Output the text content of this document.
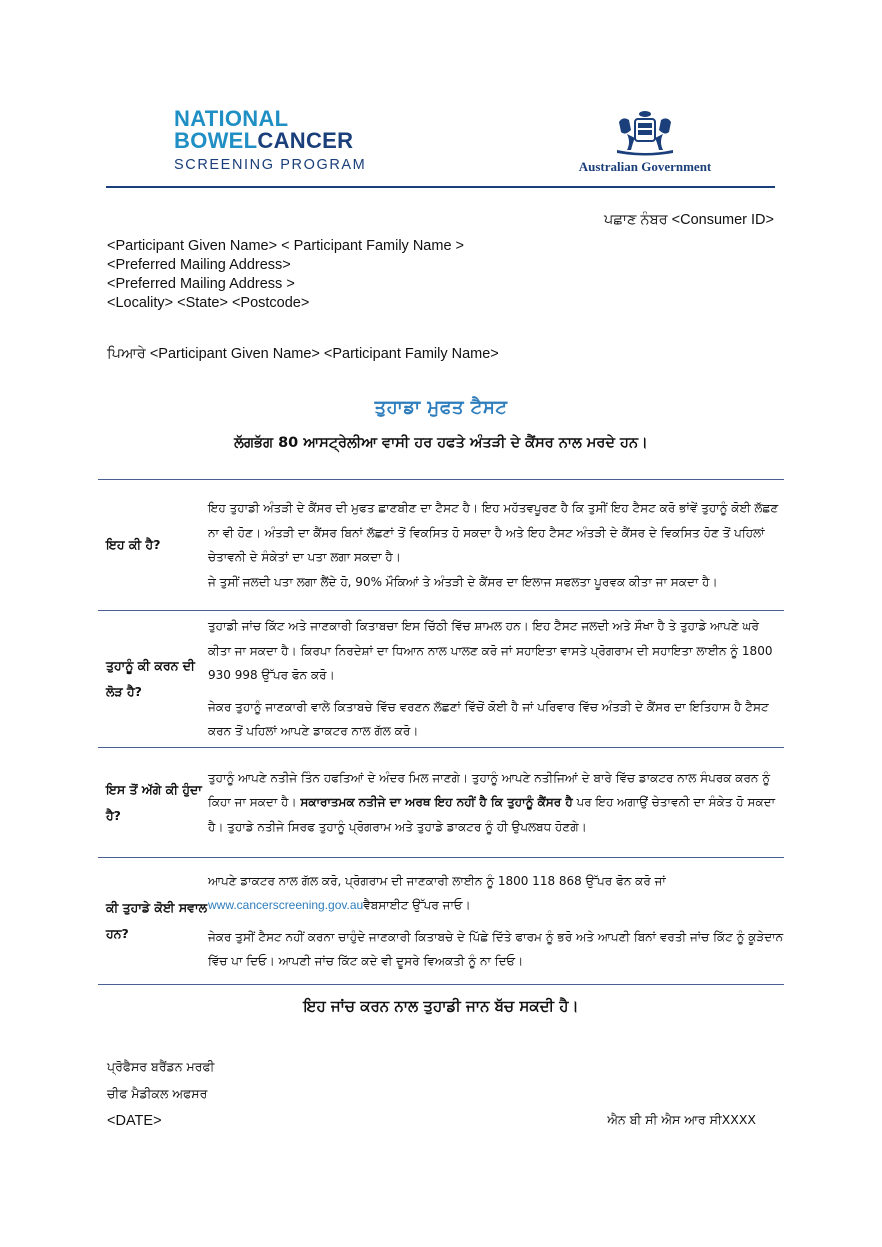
NATIONAL
BOWELCANCER
SCREENING PROGRAM	Australian Government
ਪਛਾਣ ਨੰਬਰ <Consumer ID>
<Participant Given Name> < Participant Family Name >
<Preferred Mailing Address>
<Preferred Mailing Address >
<Locality> <State> <Postcode>
ਪਿਆਰੇ <Participant Given Name> <Participant Family Name>
ਤੁਹਾਡਾ ਮੁਫਤ ਟੈਸਟ
ਲੱਗਭੱਗ 80 ਆਸਟ੍ਰੇਲੀਆ ਵਾਸੀ ਹਰ ਹਫਤੇ ਅੰਤੜੀ ਦੇ ਕੈਂਸਰ ਨਾਲ ਮਰਦੇ ਹਨ।
ਇਹ ਕੀ ਹੈ?	ਇਹ ਤੁਹਾਡੀ ਅੰਤੜੀ ਦੇ ਕੈਂਸਰ ਦੀ ਮੁਫਤ ਛਾਣਬੀਣ ਦਾ ਟੈਸਟ ਹੈ। ਇਹ ਮਹੱਤਵਪੂਰਣ ਹੈ ਕਿ ਤੁਸੀਂ ਇਹ ਟੈਸਟ ਕਰੋ ਭਾਂਵੇਂ ਤੁਹਾਨੂੰ ਕੋਈ ਲੱਛਣ ਨਾ ਵੀ ਹੋਣ। ਅੰਤੜੀ ਦਾ ਕੈਂਸਰ ਬਿਨਾਂ ਲੱਛਣਾਂ ਤੋਂ ਵਿਕਸਿਤ ਹੋ ਸਕਦਾ ਹੈ ਅਤੇ ਇਹ ਟੈਸਟ ਅੰਤੜੀ ਦੇ ਕੈਂਸਰ ਦੇ ਵਿਕਸਿਤ ਹੋਣ ਤੋਂ ਪਹਿਲਾਂ ਚੇਤਾਵਨੀ ਦੇ ਸੰਕੇਤਾਂ ਦਾ ਪਤਾ ਲਗਾ ਸਕਦਾ ਹੈ।

ਜੇ ਤੁਸੀਂ ਜਲਦੀ ਪਤਾ ਲਗਾ ਲੈਂਦੇ ਹੋ, 90% ਮੌਕਿਆਂ ਤੇ ਅੰਤੜੀ ਦੇ ਕੈਂਸਰ ਦਾ ਇਲਾਜ ਸਫਲਤਾ ਪੂਰਵਕ ਕੀਤਾ ਜਾ ਸਕਦਾ ਹੈ।

ਤੁਹਾਨੂੰ ਕੀ ਕਰਨ ਦੀ ਲੋੜ ਹੈ?	ਤੁਹਾਡੀ ਜਾਂਚ ਕਿੱਟ ਅਤੇ ਜਾਣਕਾਰੀ ਕਿਤਾਬਚਾ ਇਸ ਚਿੱਠੀ ਵਿੱਚ ਸ਼ਾਮਲ ਹਨ। ਇਹ ਟੈਸਟ ਜਲਦੀ ਅਤੇ ਸੌਖਾ ਹੈ ਤੇ ਤੁਹਾਡੇ ਆਪਣੇ ਘਰੇ ਕੀਤਾ ਜਾ ਸਕਦਾ ਹੈ। ਕਿਰਪਾ ਨਿਰਦੇਸ਼ਾਂ ਦਾ ਧਿਆਨ ਨਾਲ ਪਾਲਣ ਕਰੋ ਜਾਂ ਸਹਾਇਤਾ ਵਾਸਤੇ ਪ੍ਰੋਗਰਾਮ ਦੀ ਸਹਾਇਤਾ ਲਾਈਨ ਨੂੰ 1800 930 998 ਉੱਪਰ ਫੋਨ ਕਰੋ।

ਜੇਕਰ ਤੁਹਾਨੂੰ ਜਾਣਕਾਰੀ ਵਾਲੇ ਕਿਤਾਬਚੇ ਵਿੱਚ ਵਰਣਨ ਲੱਛਣਾਂ ਵਿੱਚੋਂ ਕੋਈ ਹੈ ਜਾਂ ਪਰਿਵਾਰ ਵਿੱਚ ਅੰਤੜੀ ਦੇ ਕੈਂਸਰ ਦਾ ਇਤਿਹਾਸ ਹੈ ਟੈਸਟ ਕਰਨ ਤੋਂ ਪਹਿਲਾਂ ਆਪਣੇ ਡਾਕਟਰ ਨਾਲ ਗੱਲ ਕਰੋ।

ਇਸ ਤੋਂ ਅੱਗੇ ਕੀ ਹੁੰਦਾ ਹੈ?	ਤੁਹਾਨੂੰ ਆਪਣੇ ਨਤੀਜੇ ਤਿੰਨ ਹਫਤਿਆਂ ਦੇ ਅੰਦਰ ਮਿਲ ਜਾਣਗੇ। ਤੁਹਾਨੂੰ ਆਪਣੇ ਨਤੀਜਿਆਂ ਦੇ ਬਾਰੇ ਵਿੱਚ ਡਾਕਟਰ ਨਾਲ ਸੰਪਰਕ ਕਰਨ ਨੂੰ ਕਿਹਾ ਜਾ ਸਕਦਾ ਹੈ। ਸਕਾਰਾਤਮਕ ਨਤੀਜੇ ਦਾ ਅਰਥ ਇਹ ਨਹੀਂ ਹੈ ਕਿ ਤੁਹਾਨੂੰ ਕੈਂਸਰ ਹੈ ਪਰ ਇਹ ਅਗਾਉਂ ਚੇਤਾਵਨੀ ਦਾ ਸੰਕੇਤ ਹੋ ਸਕਦਾ ਹੈ। ਤੁਹਾਡੇ ਨਤੀਜੇ ਸਿਰਫ ਤੁਹਾਨੂੰ ਪ੍ਰੋਗਰਾਮ ਅਤੇ ਤੁਹਾਡੇ ਡਾਕਟਰ ਨੂੰ ਹੀ ਉਪਲਬਧ ਹੋਣਗੇ।

ਕੀ ਤੁਹਾਡੇ ਕੋਈ ਸਵਾਲ ਹਨ?	ਆਪਣੇ ਡਾਕਟਰ ਨਾਲ ਗੱਲ ਕਰੋ, ਪ੍ਰੋਗਰਾਮ ਦੀ ਜਾਣਕਾਰੀ ਲਾਈਨ ਨੂੰ 1800 118 868 ਉੱਪਰ ਫੋਨ ਕਰੋ ਜਾਂ www.cancerscreening.gov.auਵੈਬਸਾਈਟ ਉੱਪਰ ਜਾਓ।

ਜੇਕਰ ਤੁਸੀਂ ਟੈਸਟ ਨਹੀਂ ਕਰਨਾ ਚਾਹੁੰਦੇ ਜਾਣਕਾਰੀ ਕਿਤਾਬਚੇ ਦੇ ਪਿੱਛੇ ਦਿੱਤੇ ਫਾਰਮ ਨੂੰ ਭਰੋ ਅਤੇ ਆਪਣੀ ਬਿਨਾਂ ਵਰਤੀ ਜਾਂਚ ਕਿੱਟ ਨੂੰ ਕੂੜੇਦਾਨ ਵਿੱਚ ਪਾ ਦਿਓ। ਆਪਣੀ ਜਾਂਚ ਕਿੱਟ ਕਦੇ ਵੀ ਦੂਸਰੇ ਵਿਅਕਤੀ ਨੂੰ ਨਾ ਦਿਓ।

ਇਹ ਜਾਂਚ ਕਰਨ ਨਾਲ ਤੁਹਾਡੀ ਜਾਨ ਬੱਚ ਸਕਦੀ ਹੈ।
ਪ੍ਰੋਫੈਸਰ ਬਰੈਂਡਨ ਮਰਫੀ
ਚੀਫ ਮੈਡੀਕਲ ਅਫਸਰ
<DATE>	ਐਨ ਬੀ ਸੀ ਐਸ ਆਰ ਸੀXXXX
